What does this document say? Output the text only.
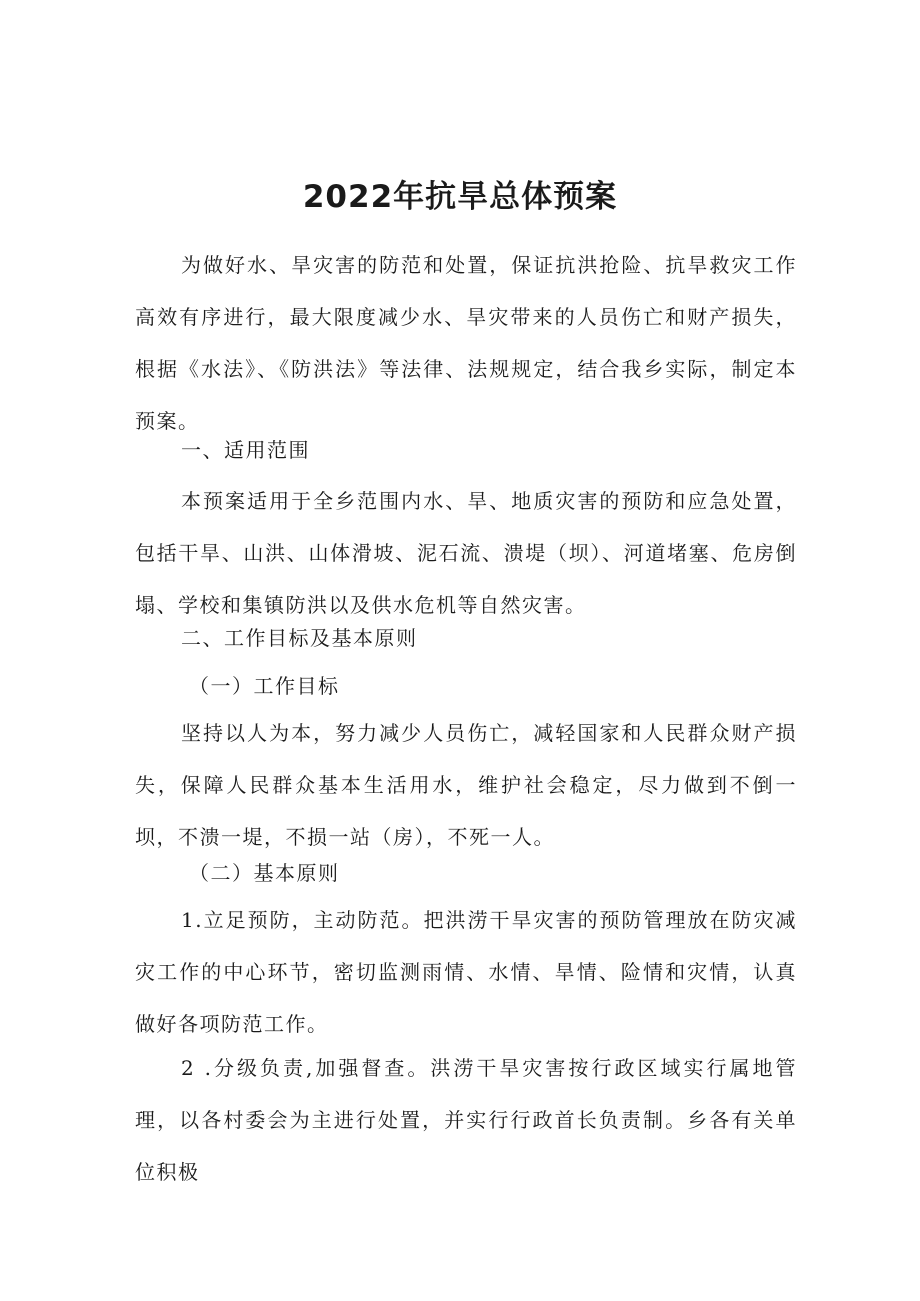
2022年抗旱总体预案

为做好水、旱灾害的防范和处置，保证抗洪抢险、抗旱救灾工作高效有序进行，最大限度减少水、旱灾带来的人员伤亡和财产损失，根据《水法》、《防洪法》等法律、法规规定，结合我乡实际，制定本预案。

一、适用范围

本预案适用于全乡范围内水、旱、地质灾害的预防和应急处置，包括干旱、山洪、山体滑坡、泥石流、溃堤（坝）、河道堵塞、危房倒塌、学校和集镇防洪以及供水危机等自然灾害。

二、工作目标及基本原则
（一）工作目标

坚持以人为本，努力减少人员伤亡，减轻国家和人民群众财产损失，保障人民群众基本生活用水，维护社会稳定，尽力做到不倒一坝，不溃一堤，不损一站（房），不死一人。

（二）基本原则

1.立足预防，主动防范。把洪涝干旱灾害的预防管理放在防灾减灾工作的中心环节，密切监测雨情、水情、旱情、险情和灾情，认真做好各项防范工作。

2 .分级负责,加强督查。洪涝干旱灾害按行政区域实行属地管理，以各村委会为主进行处置，并实行行政首长负责制。乡各有关单位积极
